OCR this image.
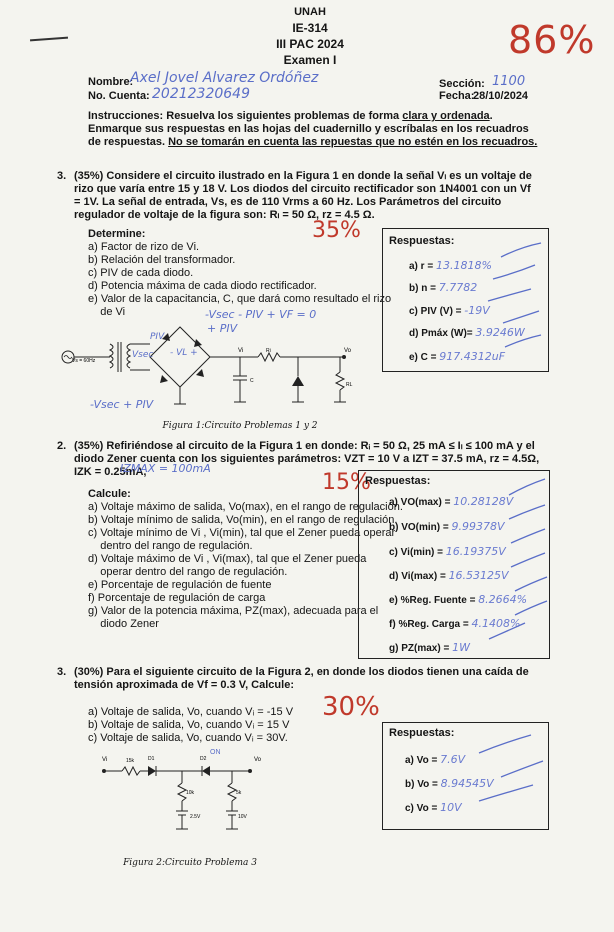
UNAH
IE-314
III PAC 2024
Examen I	86%
Nombre:
Axel Jovel Alvarez Ordóñez
No. Cuenta: 20212320649
Sección: 1100
Fecha:
28/10/2024
Instrucciones: Resuelva los siguientes problemas de forma clara y ordenada. Enmarque sus respuestas en las hojas del cuadernillo y escríbalas en los recuadros de respuestas. No se tomarán en cuenta las repuestas que no estén en los recuadros.
3. (35%) Considere el circuito ilustrado en la Figura 1 en donde la señal Vₗ es un voltaje de rizo que varía entre 15 y 18 V. Los diodos del circuito rectificador son 1N4001 con un Vf = 1V. La señal de entrada, Vs, es de 110 Vrms a 60 Hz. Los Parámetros del circuito regulador de voltaje de la figura son: Rₗ = 50 Ω, rz = 4.5 Ω.
Determine:	35%
a) Factor de rizo de Vi.
b) Relación del transformador.
c) PIV de cada diodo.
d) Potencia máxima de cada diodo rectificador.
e) Valor de la capacitancia, C, que dará como resultado el rizo
de Vi
Respuestas:
a) r = 13.1818%
b) n = 7.7782
c) PIV (V) = -19V
d) Pmáx (W)= 3.9246W
e) C = 917.4312uF
Vs = 60Hz
Vi	Ri	Vo
C
RL
-Vsec - PIV + VF = 0
+ PIV
PIV
Vsec - VL +
-Vsec + PIV
Figura 1:Circuito Problemas 1 y 2
2. (35%) Refiriéndose al circuito de la Figura 1 en donde: Rᵢ = 50 Ω, 25 mA ≤ Iₗ ≤ 100 mA y el diodo Zener cuenta con los siguientes parámetros: VZT = 10 V a IZT = 37.5 mA, rz = 4.5Ω, IZK = 0.25mA,
IZMAX = 100mA
15%
Calcule:
a) Voltaje máximo de salida, Vo(max), en el rango de regulación.
b) Voltaje mínimo de salida, Vo(min), en el rango de regulación.
c) Voltaje mínimo de Vi , Vi(min), tal que el Zener pueda operar
dentro del rango de regulación.
d) Voltaje máximo de Vi , Vi(max), tal que el Zener pueda
operar dentro del rango de regulación.
e) Porcentaje de regulación de fuente
f) Porcentaje de regulación de carga
g) Valor de la potencia máxima, PZ(max), adecuada para el
diodo Zener
Respuestas:
a) VO(max) = 10.28128V
b) VO(min) = 9.99378V
c) Vi(min) = 16.19375V
d) Vi(max) = 16.53125V
e) %Reg. Fuente = 8.2664%
f) %Reg. Carga = 4.1408%
g) PZ(max) = 1W
3. (30%) Para el siguiente circuito de la Figura 2, en donde los diodos tienen una caída de tensión aproximada de Vf = 0.3 V, Calcule:
30%
a) Voltaje de salida, Vo, cuando Vᵢ = -15 V
b) Voltaje de salida, Vo, cuando Vᵢ = 15 V
c) Voltaje de salida, Vo, cuando Vᵢ = 30V.	Respuestas:
a) Vo = 7.6V
b) Vo = 8.94545V
c) Vo = 10V
Vi	15k	D1	D2
ON
Vo
10k	5k
2.5V	10V
Figura 2:Circuito Problema 3
